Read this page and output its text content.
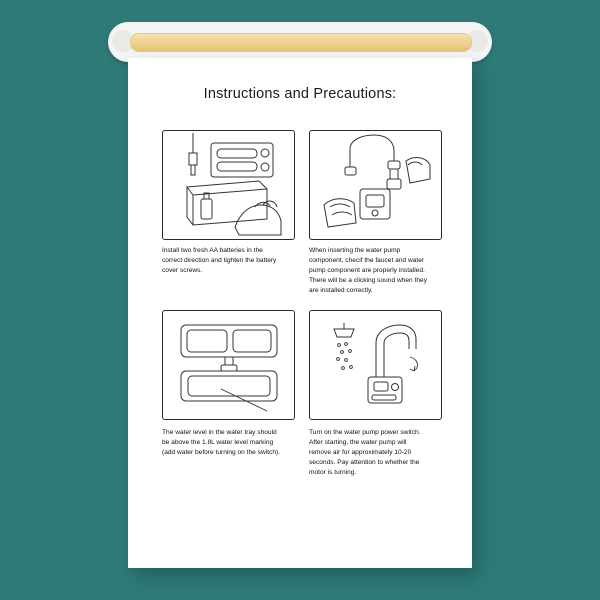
Instructions and Precautions:
Install two fresh AA batteries in the correct direction and tighten the battery cover screws.
When inserting the water pump component, checif the faucet and water pump component are properly installed. There will be a clicking sound when they are installed correctly.
The water level in the water tray should be above the 1.8L water level marking (add water before turning on the switch).
Turn on the water pump power switch. After starting, the water pump will remove air for approximately 10-20 seconds. Pay attention to whether the motor is turning.
